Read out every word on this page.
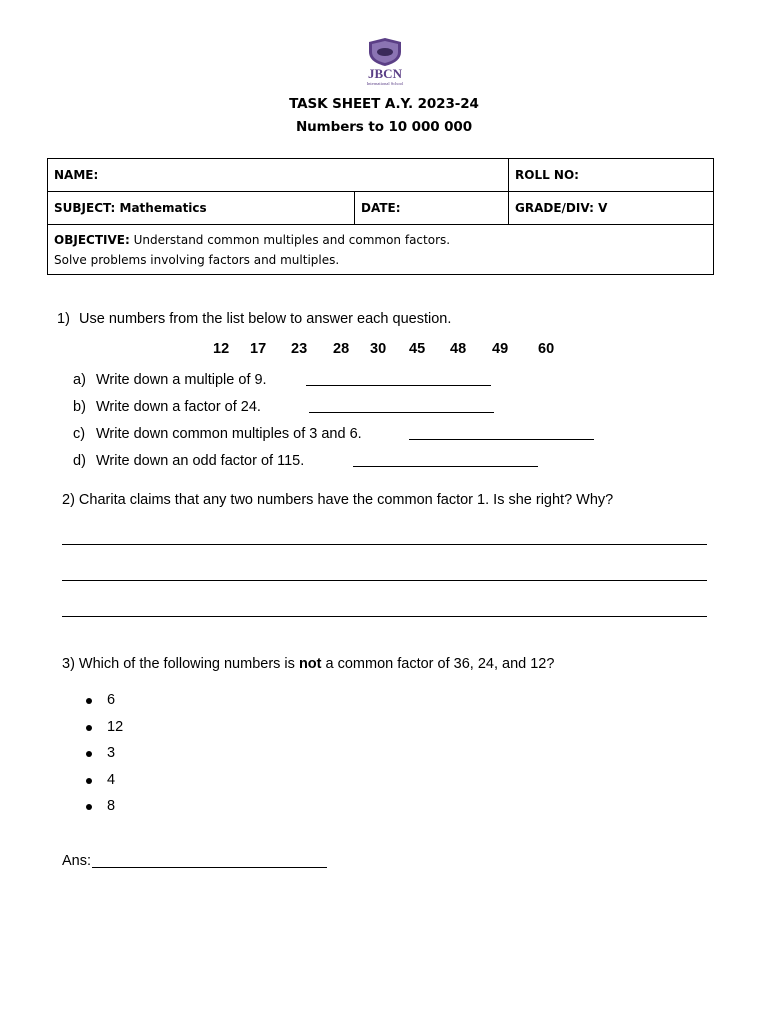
JBCN
International School
TASK SHEET A.Y. 2023-24
Numbers to 10 000 000
NAME:		ROLL NO:
SUBJECT: Mathematics	DATE:	GRADE/DIV: V
OBJECTIVE: Understand common multiples and common factors.
Solve problems involving factors and multiples.		
1) Use numbers from the list below to answer each question.
12 17 23 28 30 45 48 49 60
a) Write down a multiple of 9.
b) Write down a factor of 24.
c) Write down common multiples of 3 and 6.
d) Write down an odd factor of 115.
2) Charita claims that any two numbers have the common factor 1. Is she right? Why?
3) Which of the following numbers is not a common factor of 36, 24, and 12?
6
12
3
4
8
Ans:
